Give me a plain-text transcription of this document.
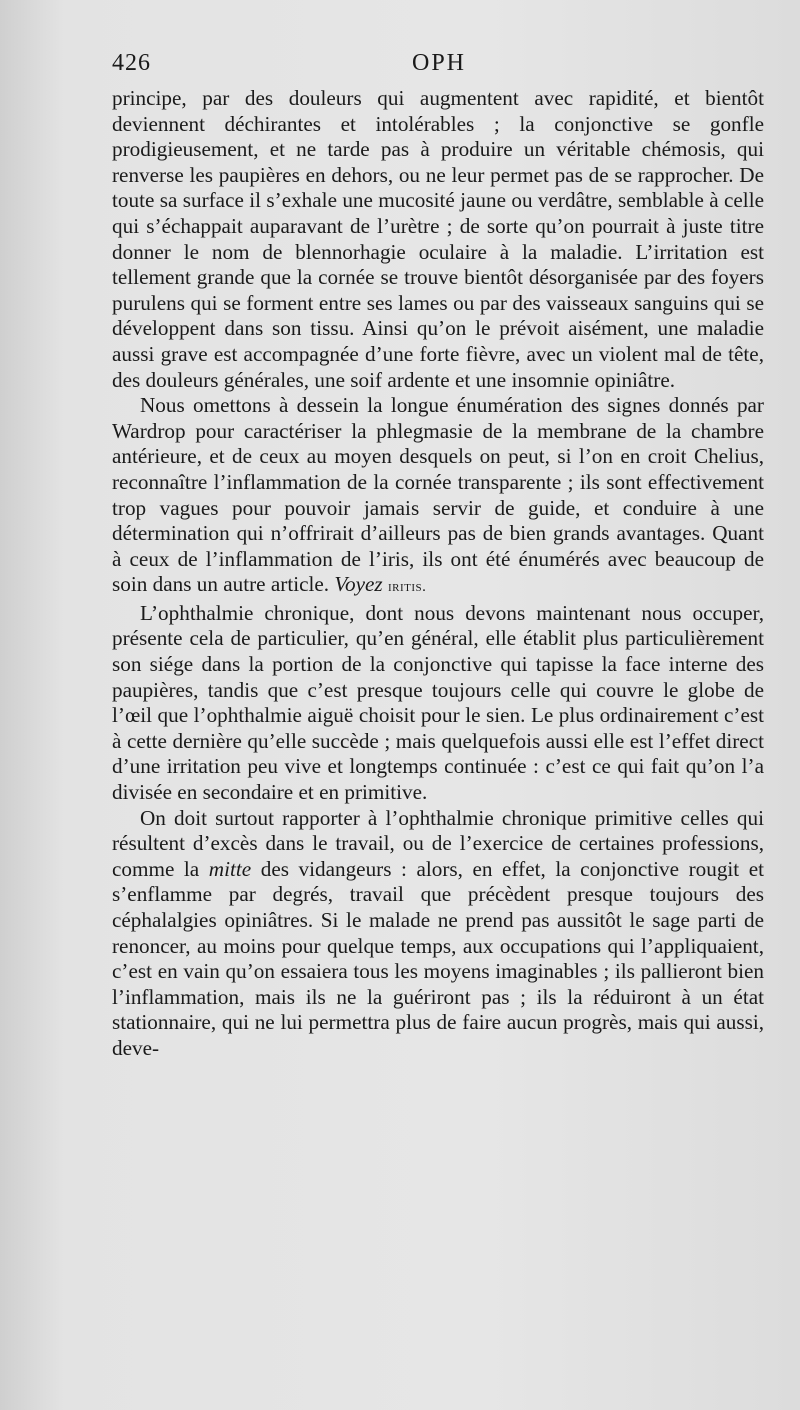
426	OPH

principe, par des douleurs qui augmentent avec rapidité, et bientôt deviennent déchirantes et intolérables ; la conjonctive se gonfle prodigieusement, et ne tarde pas à produire un véritable chémosis, qui renverse les paupières en dehors, ou ne leur permet pas de se rapprocher. De toute sa surface il s’exhale une mucosité jaune ou verdâtre, semblable à celle qui s’échappait auparavant de l’urètre ; de sorte qu’on pourrait à juste titre donner le nom de blennorhagie oculaire à la maladie. L’irritation est tellement grande que la cornée se trouve bientôt désorganisée par des foyers purulens qui se forment entre ses lames ou par des vaisseaux sanguins qui se développent dans son tissu. Ainsi qu’on le prévoit aisément, une maladie aussi grave est accompagnée d’une forte fièvre, avec un violent mal de tête, des douleurs générales, une soif ardente et une insomnie opiniâtre.

Nous omettons à dessein la longue énumération des signes donnés par Wardrop pour caractériser la phlegmasie de la membrane de la chambre antérieure, et de ceux au moyen desquels on peut, si l’on en croit Chelius, reconnaître l’inflammation de la cornée transparente ; ils sont effectivement trop vagues pour pouvoir jamais servir de guide, et conduire à une détermination qui n’offrirait d’ailleurs pas de bien grands avantages. Quant à ceux de l’inflammation de l’iris, ils ont été énumérés avec beaucoup de soin dans un autre article. Voyez iritis.

L’ophthalmie chronique, dont nous devons maintenant nous occuper, présente cela de particulier, qu’en général, elle établit plus particulièrement son siége dans la portion de la conjonctive qui tapisse la face interne des paupières, tandis que c’est presque toujours celle qui couvre le globe de l’œil que l’ophthalmie aiguë choisit pour le sien. Le plus ordinairement c’est à cette dernière qu’elle succède ; mais quelquefois aussi elle est l’effet direct d’une irritation peu vive et longtemps continuée : c’est ce qui fait qu’on l’a divisée en secondaire et en primitive.

On doit surtout rapporter à l’ophthalmie chronique primitive celles qui résultent d’excès dans le travail, ou de l’exercice de certaines professions, comme la mitte des vidangeurs : alors, en effet, la conjonctive rougit et s’enflamme par degrés, travail que précèdent presque toujours des céphalalgies opiniâtres. Si le malade ne prend pas aussitôt le sage parti de renoncer, au moins pour quelque temps, aux occupations qui l’appliquaient, c’est en vain qu’on essaiera tous les moyens imaginables ; ils pallieront bien l’inflammation, mais ils ne la guériront pas ; ils la réduiront à un état stationnaire, qui ne lui permettra plus de faire aucun progrès, mais qui aussi, deve-
